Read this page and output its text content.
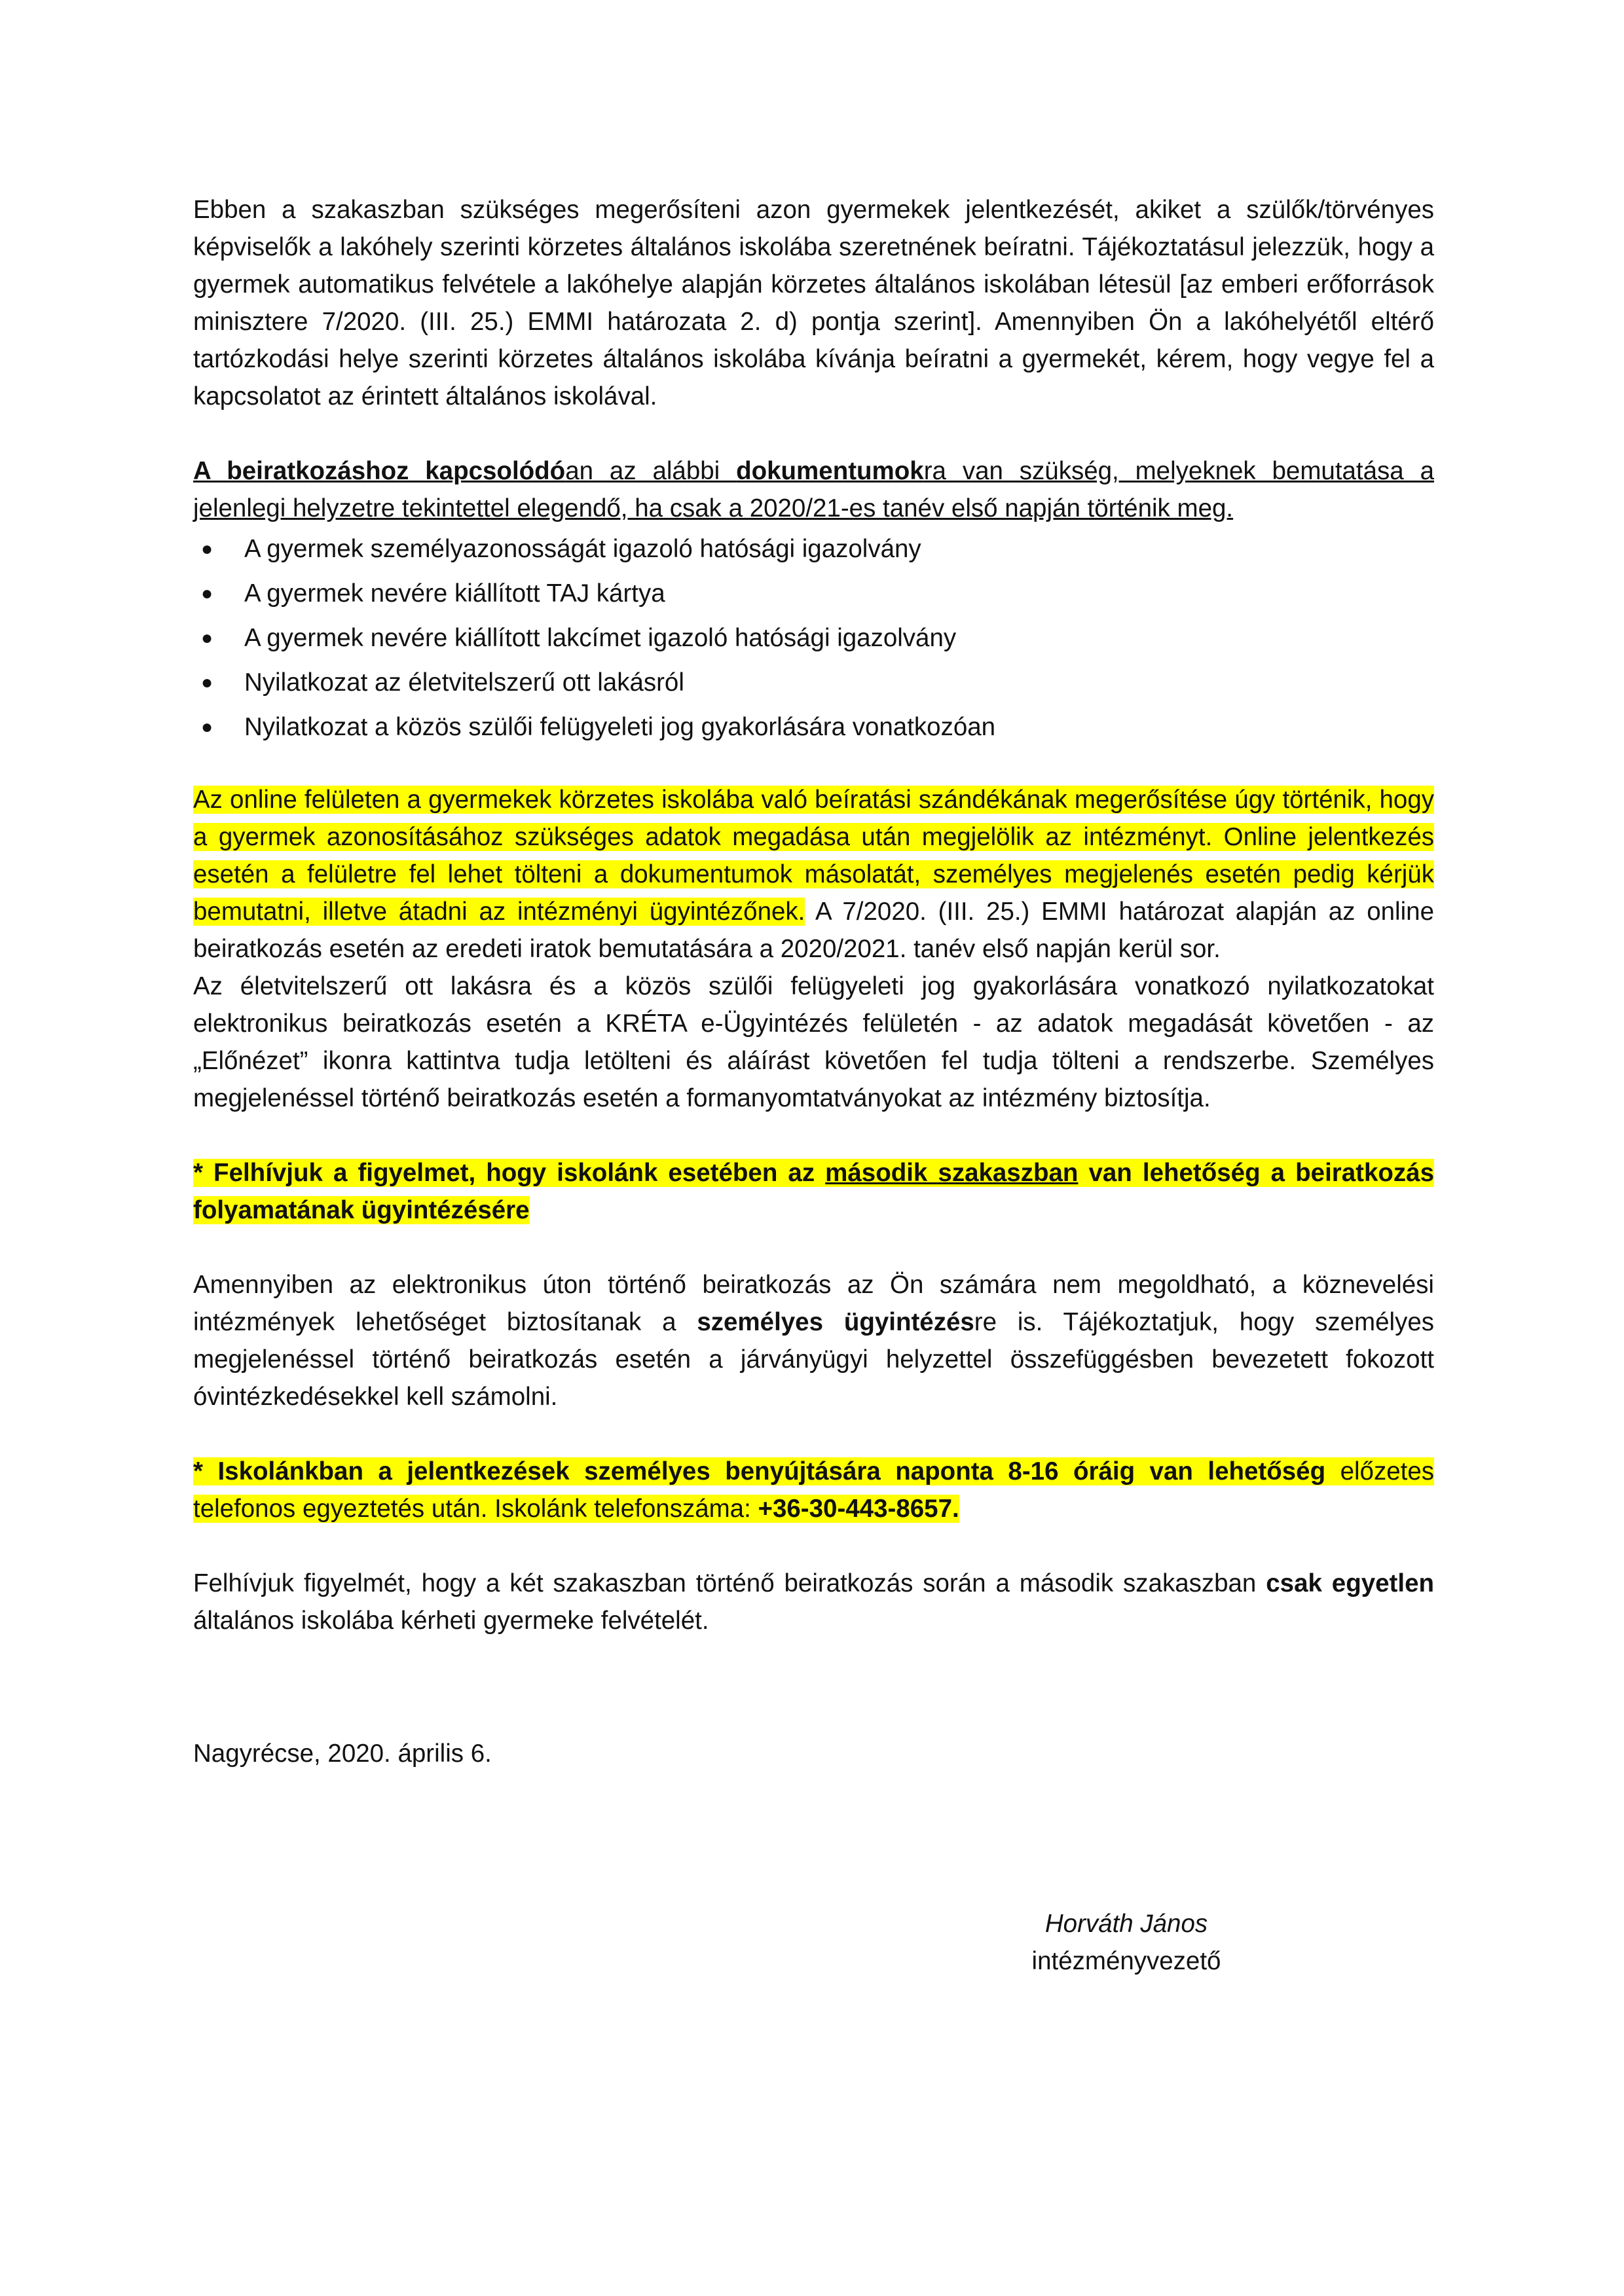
Ebben a szakaszban szükséges megerősíteni azon gyermekek jelentkezését, akiket a szülők/törvényes képviselők a lakóhely szerinti körzetes általános iskolába szeretnének beíratni. Tájékoztatásul jelezzük, hogy a gyermek automatikus felvétele a lakóhelye alapján körzetes általános iskolában létesül [az emberi erőforrások minisztere 7/2020. (III. 25.) EMMI határozata 2. d) pontja szerint]. Amennyiben Ön a lakóhelyétől eltérő tartózkodási helye szerinti körzetes általános iskolába kívánja beíratni a gyermekét, kérem, hogy vegye fel a kapcsolatot az érintett általános iskolával.

A beiratkozáshoz kapcsolódóan az alábbi dokumentumokra van szükség, melyeknek bemutatása a jelenlegi helyzetre tekintettel elegendő, ha csak a 2020/21-es tanév első napján történik meg.

● A gyermek személyazonosságát igazoló hatósági igazolvány
● A gyermek nevére kiállított TAJ kártya
● A gyermek nevére kiállított lakcímet igazoló hatósági igazolvány
● Nyilatkozat az életvitelszerű ott lakásról
● Nyilatkozat a közös szülői felügyeleti jog gyakorlására vonatkozóan

Az online felületen a gyermekek körzetes iskolába való beíratási szándékának megerősítése úgy történik, hogy a gyermek azonosításához szükséges adatok megadása után megjelölik az intézményt. Online jelentkezés esetén a felületre fel lehet tölteni a dokumentumok másolatát, személyes megjelenés esetén pedig kérjük bemutatni, illetve átadni az intézményi ügyintézőnek. A 7/2020. (III. 25.) EMMI határozat alapján az online beiratkozás esetén az eredeti iratok bemutatására a 2020/2021. tanév első napján kerül sor.

Az életvitelszerű ott lakásra és a közös szülői felügyeleti jog gyakorlására vonatkozó nyilatkozatokat elektronikus beiratkozás esetén a KRÉTA e-Ügyintézés felületén - az adatok megadását követően - az „Előnézet” ikonra kattintva tudja letölteni és aláírást követően fel tudja tölteni a rendszerbe. Személyes megjelenéssel történő beiratkozás esetén a formanyomtatványokat az intézmény biztosítja.

* Felhívjuk a figyelmet, hogy iskolánk esetében az második szakaszban van lehetőség a beiratkozás folyamatának ügyintézésére

Amennyiben az elektronikus úton történő beiratkozás az Ön számára nem megoldható, a köznevelési intézmények lehetőséget biztosítanak a személyes ügyintézésre is. Tájékoztatjuk, hogy személyes megjelenéssel történő beiratkozás esetén a járványügyi helyzettel összefüggésben bevezetett fokozott óvintézkedésekkel kell számolni.

* Iskolánkban a jelentkezések személyes benyújtására naponta 8-16 óráig van lehetőség előzetes telefonos egyeztetés után. Iskolánk telefonszáma: +36-30-443-8657.

Felhívjuk figyelmét, hogy a két szakaszban történő beiratkozás során a második szakaszban csak egyetlen általános iskolába kérheti gyermeke felvételét.

Nagyrécse, 2020. április 6.

Horváth János

intézményvezető
